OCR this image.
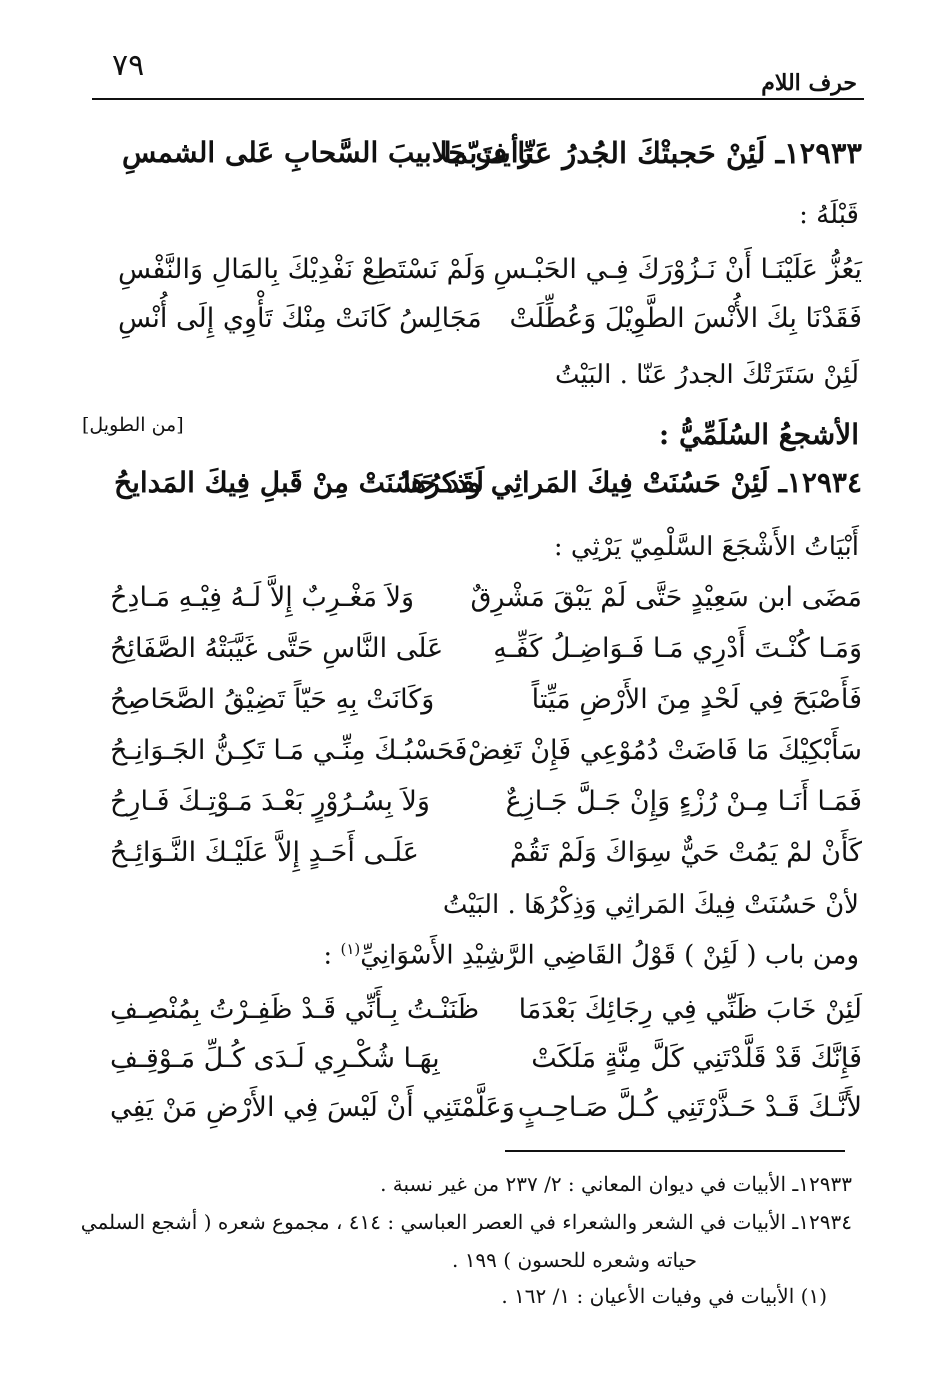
٧٩	حرف اللام
١٢٩٣٣ـ لَئِنْ حَجبتْكَ الجُدرُ عَنّا فربّما
رَأيتَ جَلابيبَ السَّحابِ عَلى الشمسِ
قَبْلَهُ :
يَعُزُّ عَلَيْنَـا أَنْ نَـزُوْرَكَ فِـي الحَبْـسِ
وَلَمْ نَسْتَطِعْ نَفْدِيْكَ بِالمَالِ وَالنَّفْسِ
فَقَدْنَا بِكَ الأُنْسَ الطَّوِيْلَ وَعُطِّلَتْ
مَجَالِسُ كَانَتْ مِنْكَ تَأْوِي إِلَى أُنْسِ
لَئِنْ سَتَرَتْكَ الجدرُ عَنّا . البَيْتُ
الأشجعُ السُلَمِّيُّ :
[من الطويل]
١٢٩٣٤ـ لَئِنْ حَسُنَتْ فِيكَ المَراثِي وذكرُهَا
لَقَد حَسُنَتْ مِنْ قَبلِ فِيكَ المَدايحُ
أَبْيَاتُ الأَشْجَعَ السَّلْمِيّ يَرْثِي :
مَضَى ابن سَعِيْدٍ حَتَّى لَمْ يَبْقَ مَشْرِقٌ
وَلاَ مَغْـرِبٌ إِلاَّ لَـهُ فِيْـهِ مَـادِحُ
وَمَـا كُنْـتَ أَدْرِي مَـا فَـوَاضِـلُ كَفِّـهِ
عَلَى النَّاسِ حَتَّى غَيَّبَتْهُ الصَّفَائِحُ
فَأَصْبَحَ فِي لَحْدٍ مِنَ الأَرْضِ مَيِّتاً
وَكَانَتْ بِهِ حَيّاً تَضِيْقُ الصَّحَاصِحُ
سَأَبْكِيْكَ مَا فَاضَتْ دُمُوْعِي فَإِنْ تَغِضْ
فَحَسْبُـكَ مِنِّـي مَـا تَكِـنُّ الجَـوَانِـحُ
فَمَـا أَنَـا مِـنْ رُزْءٍ وَإِنْ جَـلَّ جَـازِعٌ
وَلاَ بِسُـرُوْرٍ بَعْـدَ مَـوْتِـكَ فَـارِحُ
كَأَنْ لمْ يَمُتْ حَيٌّ سِوَاكَ وَلَمْ تَقُمْ
عَلَـى أَحَـدٍ إِلاَّ عَلَيْـكَ النَّـوَائِـحُ
لأنْ حَسُنَتْ فِيكَ المَراثِي وَذِكْرُهَا . البَيْتُ
ومن باب ( لَئِنْ ) قَوْلُ القَاضِي الرَّشِيْدِ الأَسْوَانِيِّ$^{(١)}$ :
لَئِنْ خَابَ ظَنِّي فِي رِجَائِكَ بَعْدَمَا
ظَنَنْـتُ بِـأَنِّي قَـدْ ظَفِـرْتُ بِمُنْصِـفِ
فَإِنَّكَ قَدْ قَلَّدْتَنِي كَلَّ مِنَّةٍ مَلَكَتْ
بِهَـا شُكْـرِي لَـدَى كُـلِّ مَـوْقِـفِ
لأَنَّـكَ قَـدْ حَـذَّرْتَنِي كُـلَّ صَـاحِـبٍ
وَعَلَّمْتَنِي أَنْ لَيْسَ فِي الأَرْضِ مَنْ يَفِي
١٢٩٣٣ـ الأبيات في ديوان المعاني : ٢/ ٢٣٧ من غير نسبة .
١٢٩٣٤ـ الأبيات في الشعر والشعراء في العصر العباسي : ٤١٤ ، مجموع شعره ( أشجع السلمي
حياته وشعره للحسون ) ١٩٩ .
(١) الأبيات في وفيات الأعيان : ١/ ١٦٢ .
